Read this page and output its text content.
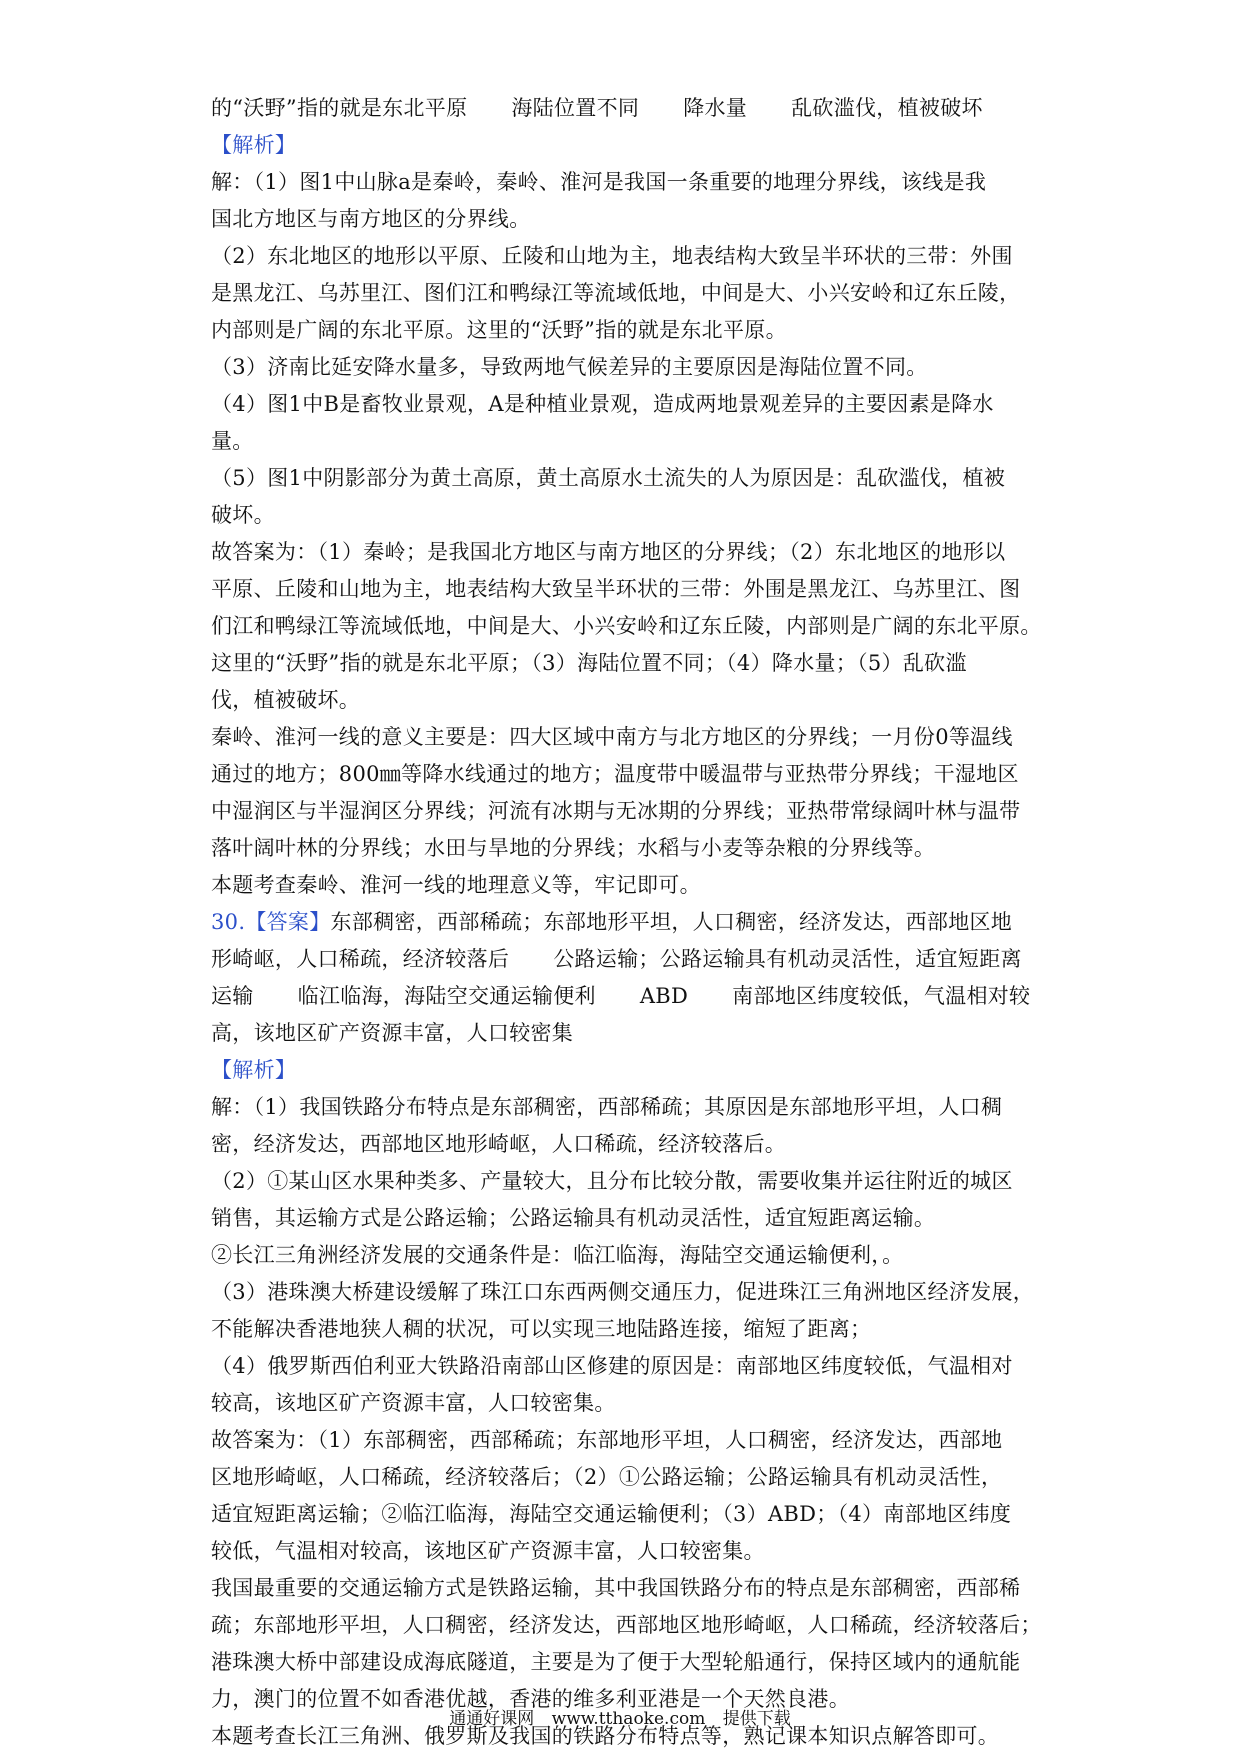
的“沃野”指的就是东北平原 海陆位置不同 降水量 乱砍滥伐，植被破坏
【解析】
解：（1）图1中山脉a是秦岭，秦岭、淮河是我国一条重要的地理分界线，该线是我
国北方地区与南方地区的分界线。
（2）东北地区的地形以平原、丘陵和山地为主，地表结构大致呈半环状的三带：外围
是黑龙江、乌苏里江、图们江和鸭绿江等流域低地，中间是大、小兴安岭和辽东丘陵，
内部则是广阔的东北平原。这里的“沃野”指的就是东北平原。
（3）济南比延安降水量多，导致两地气候差异的主要原因是海陆位置不同。
（4）图1中B是畜牧业景观，A是种植业景观，造成两地景观差异的主要因素是降水
量。
（5）图1中阴影部分为黄土高原，黄土高原水土流失的人为原因是：乱砍滥伐，植被
破坏。
故答案为：（1）秦岭；是我国北方地区与南方地区的分界线；（2）东北地区的地形以
平原、丘陵和山地为主，地表结构大致呈半环状的三带：外围是黑龙江、乌苏里江、图
们江和鸭绿江等流域低地，中间是大、小兴安岭和辽东丘陵，内部则是广阔的东北平原。
这里的“沃野”指的就是东北平原；（3）海陆位置不同；（4）降水量；（5）乱砍滥
伐，植被破坏。
秦岭、淮河一线的意义主要是：四大区域中南方与北方地区的分界线；一月份0等温线
通过的地方；800㎜等降水线通过的地方；温度带中暖温带与亚热带分界线；干湿地区
中湿润区与半湿润区分界线；河流有冰期与无冰期的分界线；亚热带常绿阔叶林与温带
落叶阔叶林的分界线；水田与旱地的分界线；水稻与小麦等杂粮的分界线等。
本题考查秦岭、淮河一线的地理意义等，牢记即可。
30.【答案】东部稠密，西部稀疏；东部地形平坦，人口稠密，经济发达，西部地区地
形崎岖，人口稀疏，经济较落后 公路运输；公路运输具有机动灵活性，适宜短距离
运输 临江临海，海陆空交通运输便利 ABD 南部地区纬度较低，气温相对较
高，该地区矿产资源丰富，人口较密集
【解析】
解：（1）我国铁路分布特点是东部稠密，西部稀疏；其原因是东部地形平坦，人口稠
密，经济发达，西部地区地形崎岖，人口稀疏，经济较落后。
（2）①某山区水果种类多、产量较大，且分布比较分散，需要收集并运往附近的城区
销售，其运输方式是公路运输；公路运输具有机动灵活性，适宜短距离运输。
②长江三角洲经济发展的交通条件是：临江临海，海陆空交通运输便利，。
（3）港珠澳大桥建设缓解了珠江口东西两侧交通压力，促进珠江三角洲地区经济发展，
不能解决香港地狭人稠的状况，可以实现三地陆路连接，缩短了距离；
（4）俄罗斯西伯利亚大铁路沿南部山区修建的原因是：南部地区纬度较低，气温相对
较高，该地区矿产资源丰富，人口较密集。
故答案为：（1）东部稠密，西部稀疏；东部地形平坦，人口稠密，经济发达，西部地
区地形崎岖，人口稀疏，经济较落后；（2）①公路运输；公路运输具有机动灵活性，
适宜短距离运输；②临江临海，海陆空交通运输便利；（3）ABD；（4）南部地区纬度
较低，气温相对较高，该地区矿产资源丰富，人口较密集。
我国最重要的交通运输方式是铁路运输，其中我国铁路分布的特点是东部稠密，西部稀
疏；东部地形平坦，人口稠密，经济发达，西部地区地形崎岖，人口稀疏，经济较落后；
港珠澳大桥中部建设成海底隧道，主要是为了便于大型轮船通行，保持区域内的通航能
力，澳门的位置不如香港优越，香港的维多利亚港是一个天然良港。
本题考查长江三角洲、俄罗斯及我国的铁路分布特点等，熟记课本知识点解答即可。
通通好课网 www.tthaoke.com 提供下载
